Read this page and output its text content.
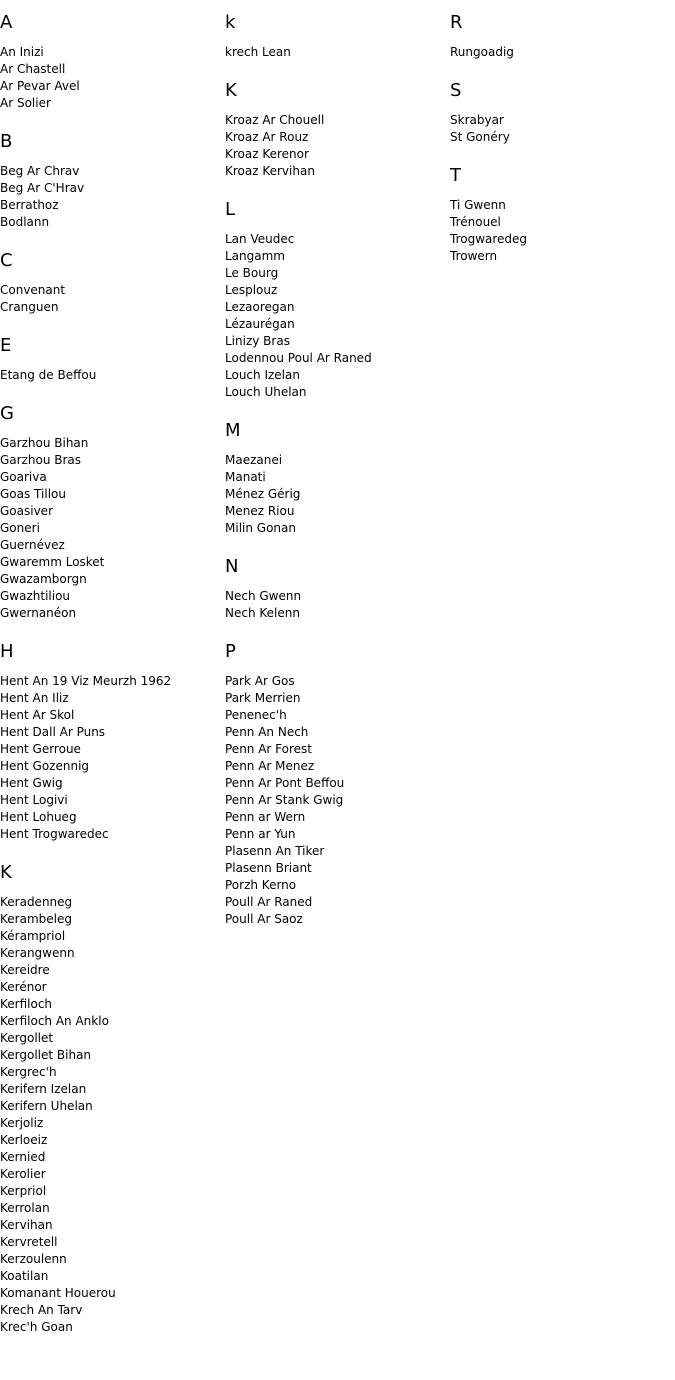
A
An Inizi
Ar Chastell
Ar Pevar Avel
Ar Solier
B
Beg Ar Chrav
Beg Ar C'Hrav
Berrathoz
Bodlann
C
Convenant
Cranguen
E
Etang de Beffou
G
Garzhou Bihan
Garzhou Bras
Goariva
Goas Tillou
Goasiver
Goneri
Guernévez
Gwaremm Losket
Gwazamborgn
Gwazhtiliou
Gwernanéon
H
Hent An 19 Viz Meurzh 1962
Hent An Iliz
Hent Ar Skol
Hent Dall Ar Puns
Hent Gerroue
Hent Gozennig
Hent Gwig
Hent Logivi
Hent Lohueg
Hent Trogwaredec
K
Keradenneg
Kerambeleg
Kérampriol
Kerangwenn
Kereidre
Kerénor
Kerfiloch
Kerfiloch An Anklo
Kergollet
Kergollet Bihan
Kergrec'h
Kerifern Izelan
Kerifern Uhelan
Kerjoliz
Kerloeiz
Kernied
Kerolier
Kerpriol
Kerrolan
Kervihan
Kervretell
Kerzoulenn
Koatilan
Komanant Houerou
Krech An Tarv
Krec'h Goan
k
krech Lean
K
Kroaz Ar Chouell
Kroaz Ar Rouz
Kroaz Kerenor
Kroaz Kervihan
L
Lan Veudec
Langamm
Le Bourg
Lesplouz
Lezaoregan
Lézaurégan
Linizy Bras
Lodennou Poul Ar Raned
Louch Izelan
Louch Uhelan
M
Maezanei
Manati
Ménez Gérig
Menez Riou
Milin Gonan
N
Nech Gwenn
Nech Kelenn
P
Park Ar Gos
Park Merrien
Penenec'h
Penn An Nech
Penn Ar Forest
Penn Ar Menez
Penn Ar Pont Beffou
Penn Ar Stank Gwig
Penn ar Wern
Penn ar Yun
Plasenn An Tiker
Plasenn Briant
Porzh Kerno
Poull Ar Raned
Poull Ar Saoz
R
Rungoadig
S
Skrabyar
St Gonéry
T
Ti Gwenn
Trénouel
Trogwaredeg
Trowern
